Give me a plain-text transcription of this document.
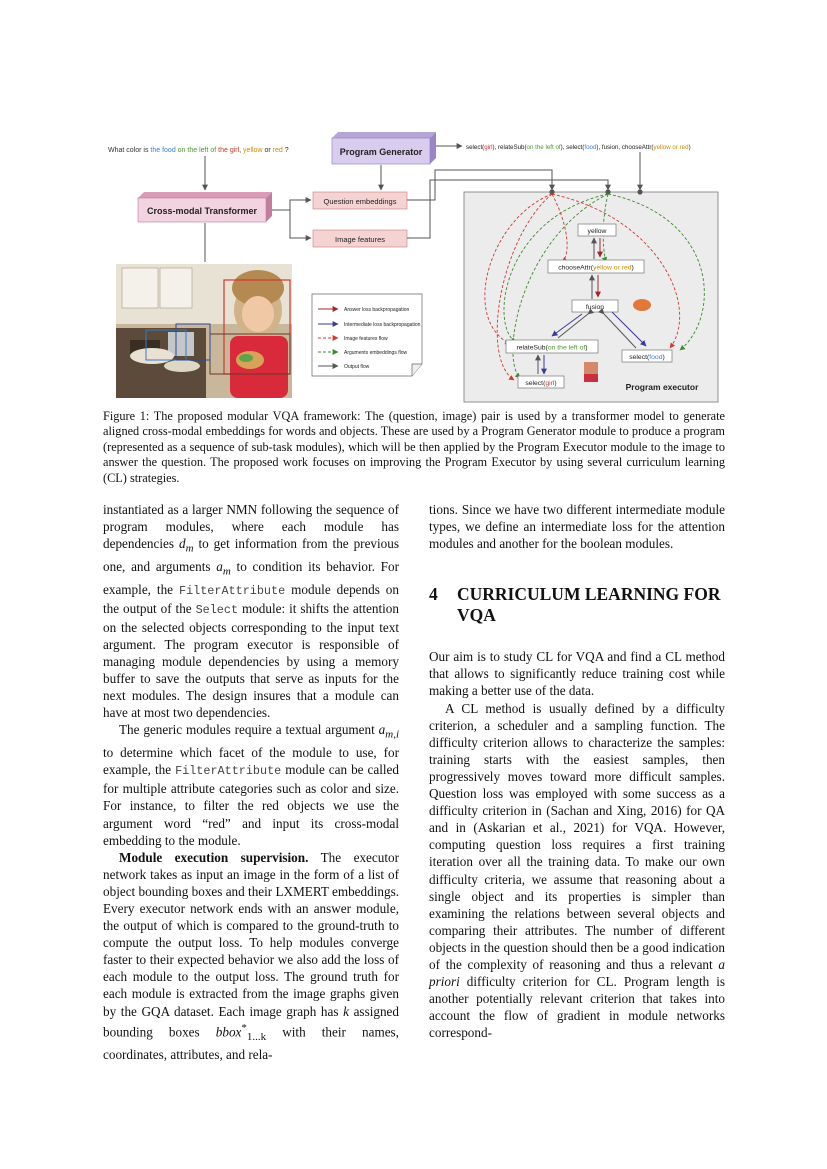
What color is the food on the left of the girl, yellow or red ?	Program Generator	select(girl), relateSub(on the left of), select(food), fusion, chooseAttr(yellow or red)
Cross-modal Transformer
Question embeddings
Image features
Answer loss backpropagation
Intermediate loss backpropagation
Image features flow
Arguments embeddings flow
Output flow
Program executor
yellow
chooseAttr(yellow or red)
fusion
relateSub(on the left of)
select(food)
select(girl)
Figure 1: The proposed modular VQA framework: The (question, image) pair is used by a transformer model to generate aligned cross-modal embeddings for words and objects. These are used by a Program Generator module to produce a program (represented as a sequence of sub-task modules), which will be then applied by the Program Executor module to the image to answer the question. The proposed work focuses on improving the Program Executor by using several curriculum learning (CL) strategies.

instantiated as a larger NMN following the sequence of program modules, where each module has dependencies $d_m$ to get information from the previous one, and arguments $a_m$ to condition its behavior. For example, the FilterAttribute module depends on the output of the Select module: it shifts the attention on the selected objects corresponding to the input text argument. The program executor is responsible of managing module dependencies by using a memory buffer to save the outputs that serve as inputs for the next modules. The design insures that a module can have at most two dependencies.

The generic modules require a textual argument $a_{m,i}$ to determine which facet of the module to use, for example, the FilterAttribute module can be called for multiple attribute categories such as color and size. For instance, to filter the red objects we use the argument word “red” and input its cross-modal embedding to the module.

Module execution supervision. The executor network takes as input an image in the form of a list of object bounding boxes and their LXMERT embeddings. Every executor network ends with an answer module, the output of which is compared to the ground-truth to compute the output loss. To help modules converge faster to their expected behavior we also add the loss of each module to the output loss. The ground truth for each module is extracted from the image graphs given by the GQA dataset. Each image graph has k assigned bounding boxes bbox*$_{1...k}$ with their names, coordinates, attributes, and rela-

tions. Since we have two different intermediate module types, we define an intermediate loss for the attention modules and another for the boolean modules.

4	CURRICULUM LEARNING FOR VQA

Our aim is to study CL for VQA and find a CL method that allows to significantly reduce training cost while making a better use of the data.

A CL method is usually defined by a difficulty criterion, a scheduler and a sampling function. The difficulty criterion allows to characterize the samples: training starts with the easiest samples, then progressively moves toward more difficult samples. Question loss was employed with some success as a difficulty criterion in (Sachan and Xing, 2016) for QA and in (Askarian et al., 2021) for VQA. However, computing question loss requires a first training iteration over all the training data. To make our own difficulty criteria, we assume that reasoning about a single object and its properties is simpler than examining the relations between several objects and comparing their attributes. The number of different objects in the question should then be a good indication of the complexity of reasoning and thus a relevant a priori difficulty criterion for CL. Program length is another potentially relevant criterion that takes into account the flow of gradient in module networks correspond-
